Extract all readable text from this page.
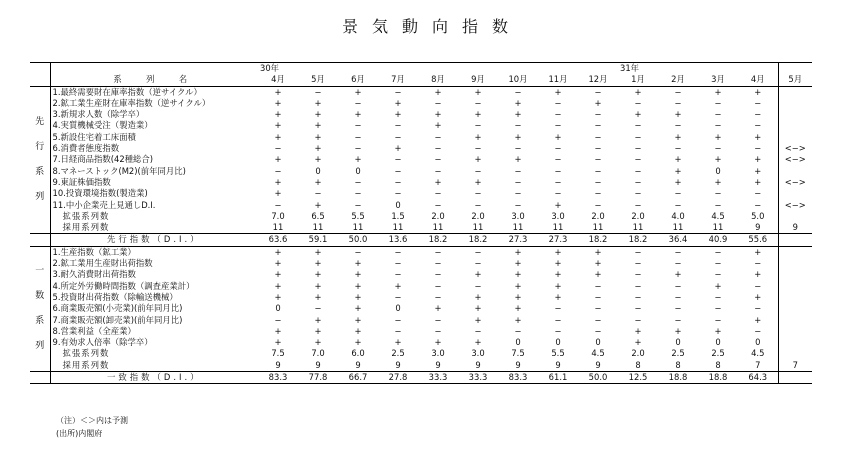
景気動向指数
		30年									31年				
	系　列　名	4月	5月	6月	7月	8月	9月	10月	11月	12月	1月	2月	3月	4月	5月

先
行
系
列	1.最終需要財在庫率指数（逆サイクル）	+	−	+	−	+	+	−	+	−	+	−	+	+	
	2.鉱工業生産財在庫率指数（逆サイクル）	+	+	−	+	−	−	+	−	+	−	−	−	−	
	3.新規求人数（除学卒）	+	+	+	+	+	+	+	−	−	+	+	−	−	
	4.実質機械受注（製造業）	+	+	−	−	+	−	−	−	−	−	−	−	−	
	5.新設住宅着工床面積	+	+	−	−	−	+	+	+	−	−	+	+	+	
	6.消費者態度指数	−	+	−	+	−	−	−	−	−	−	−	−	−	<−>
	7.日経商品指数(42種総合)	+	+	+	−	−	+	+	−	−	−	+	+	+	<−>
	8.マネーストック(M2)(前年同月比)	−	0	0	−	−	−	−	−	−	−	+	0	+	
	9.東証株価指数	+	+	−	−	+	+	−	−	−	−	+	+	+	<−>
	10.投資環境指数(製造業)	+	−	−	−	−	−	−	−	−	−	−	−	−	
	11.中小企業売上見通しD.I.	−	+	−	0	−	−	−	+	−	−	−	−	−	<−>
	拡張系列数	7.0	6.5	5.5	1.5	2.0	2.0	3.0	3.0	2.0	2.0	4.0	4.5	5.0	
	採用系列数	11	11	11	11	11	11	11	11	11	11	11	11	9	9
	先行指数（D.I.）	63.6	59.1	50.0	13.6	18.2	18.2	27.3	27.3	18.2	18.2	36.4	40.9	55.6	

一
数
系
列	1.生産指数（鉱工業）	+	+	−	−	−	−	+	+	+	−	−	−	+	
	2.鉱工業用生産財出荷指数	+	+	+	−	−	−	+	+	+	−	−	−	−	
	3.耐久消費財出荷指数	+	+	+	−	−	+	+	+	+	−	+	−	+	
	4.所定外労働時間指数（調査産業計）	+	+	+	+	−	−	+	+	−	−	−	+	−	
	5.投資財出荷指数（除輸送機械）	+	+	+	−	−	+	+	+	−	−	−	−	+	
	6.商業販売額(小売業)(前年同月比)	0	−	+	0	+	+	+	−	−	−	−	−	−	
	7.商業販売額(卸売業)(前年同月比)	−	+	+	−	−	+	+	−	−	−	−	−	+	
	8.営業利益（全産業）	+	+	+	−	−	−	−	−	−	+	+	+	−	
	9.有効求人倍率（除学卒）	+	+	+	+	+	+	0	0	0	+	0	0	0	
	拡張系列数	7.5	7.0	6.0	2.5	3.0	3.0	7.5	5.5	4.5	2.0	2.5	2.5	4.5	
	採用系列数	9	9	9	9	9	9	9	9	9	8	8	8	7	7
	一致指数（D.I.）	83.3	77.8	66.7	27.8	33.3	33.3	83.3	61.1	50.0	12.5	18.8	18.8	64.3	
（注）＜＞内は予測
(出所)内閣府
